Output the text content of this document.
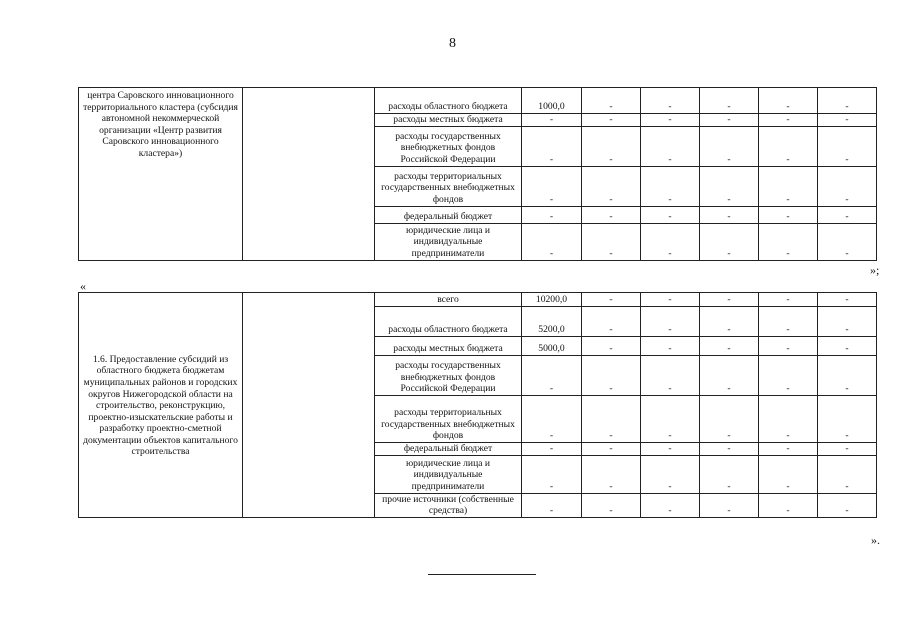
8
центра Саровского инновационного территориального кластера (субсидия автономной некоммерческой организации «Центр развития Саровского инновационного кластера»)		расходы областного бюджета	1000,0	-	-	-	-	-
		расходы местных бюджета	-	-	-	-	-	-
		расходы государственных внебюджетных фондов Российской Федерации	-	-	-	-	-	-
		расходы территориальных государственных внебюджетных фондов	-	-	-	-	-	-
		федеральный бюджет	-	-	-	-	-	-
		юридические лица и индивидуальные предприниматели	-	-	-	-	-	-
»;
«
1.6. Предоставление субсидий из областного бюджета бюджетам муниципальных районов и городских округов Нижегородской области на строительство, реконструкцию, проектно-изыскательские работы и разработку проектно-сметной документации объектов капитального строительства		всего	10200,0	-	-	-	-	-
		расходы областного бюджета	5200,0	-	-	-	-	-
		расходы местных бюджета	5000,0	-	-	-	-	-
		расходы государственных внебюджетных фондов Российской Федерации	-	-	-	-	-	-
		расходы территориальных государственных внебюджетных фондов	-	-	-	-	-	-
		федеральный бюджет	-	-	-	-	-	-
		юридические лица и индивидуальные предприниматели	-	-	-	-	-	-
		прочие источники (собственные средства)	-	-	-	-	-	-
».
